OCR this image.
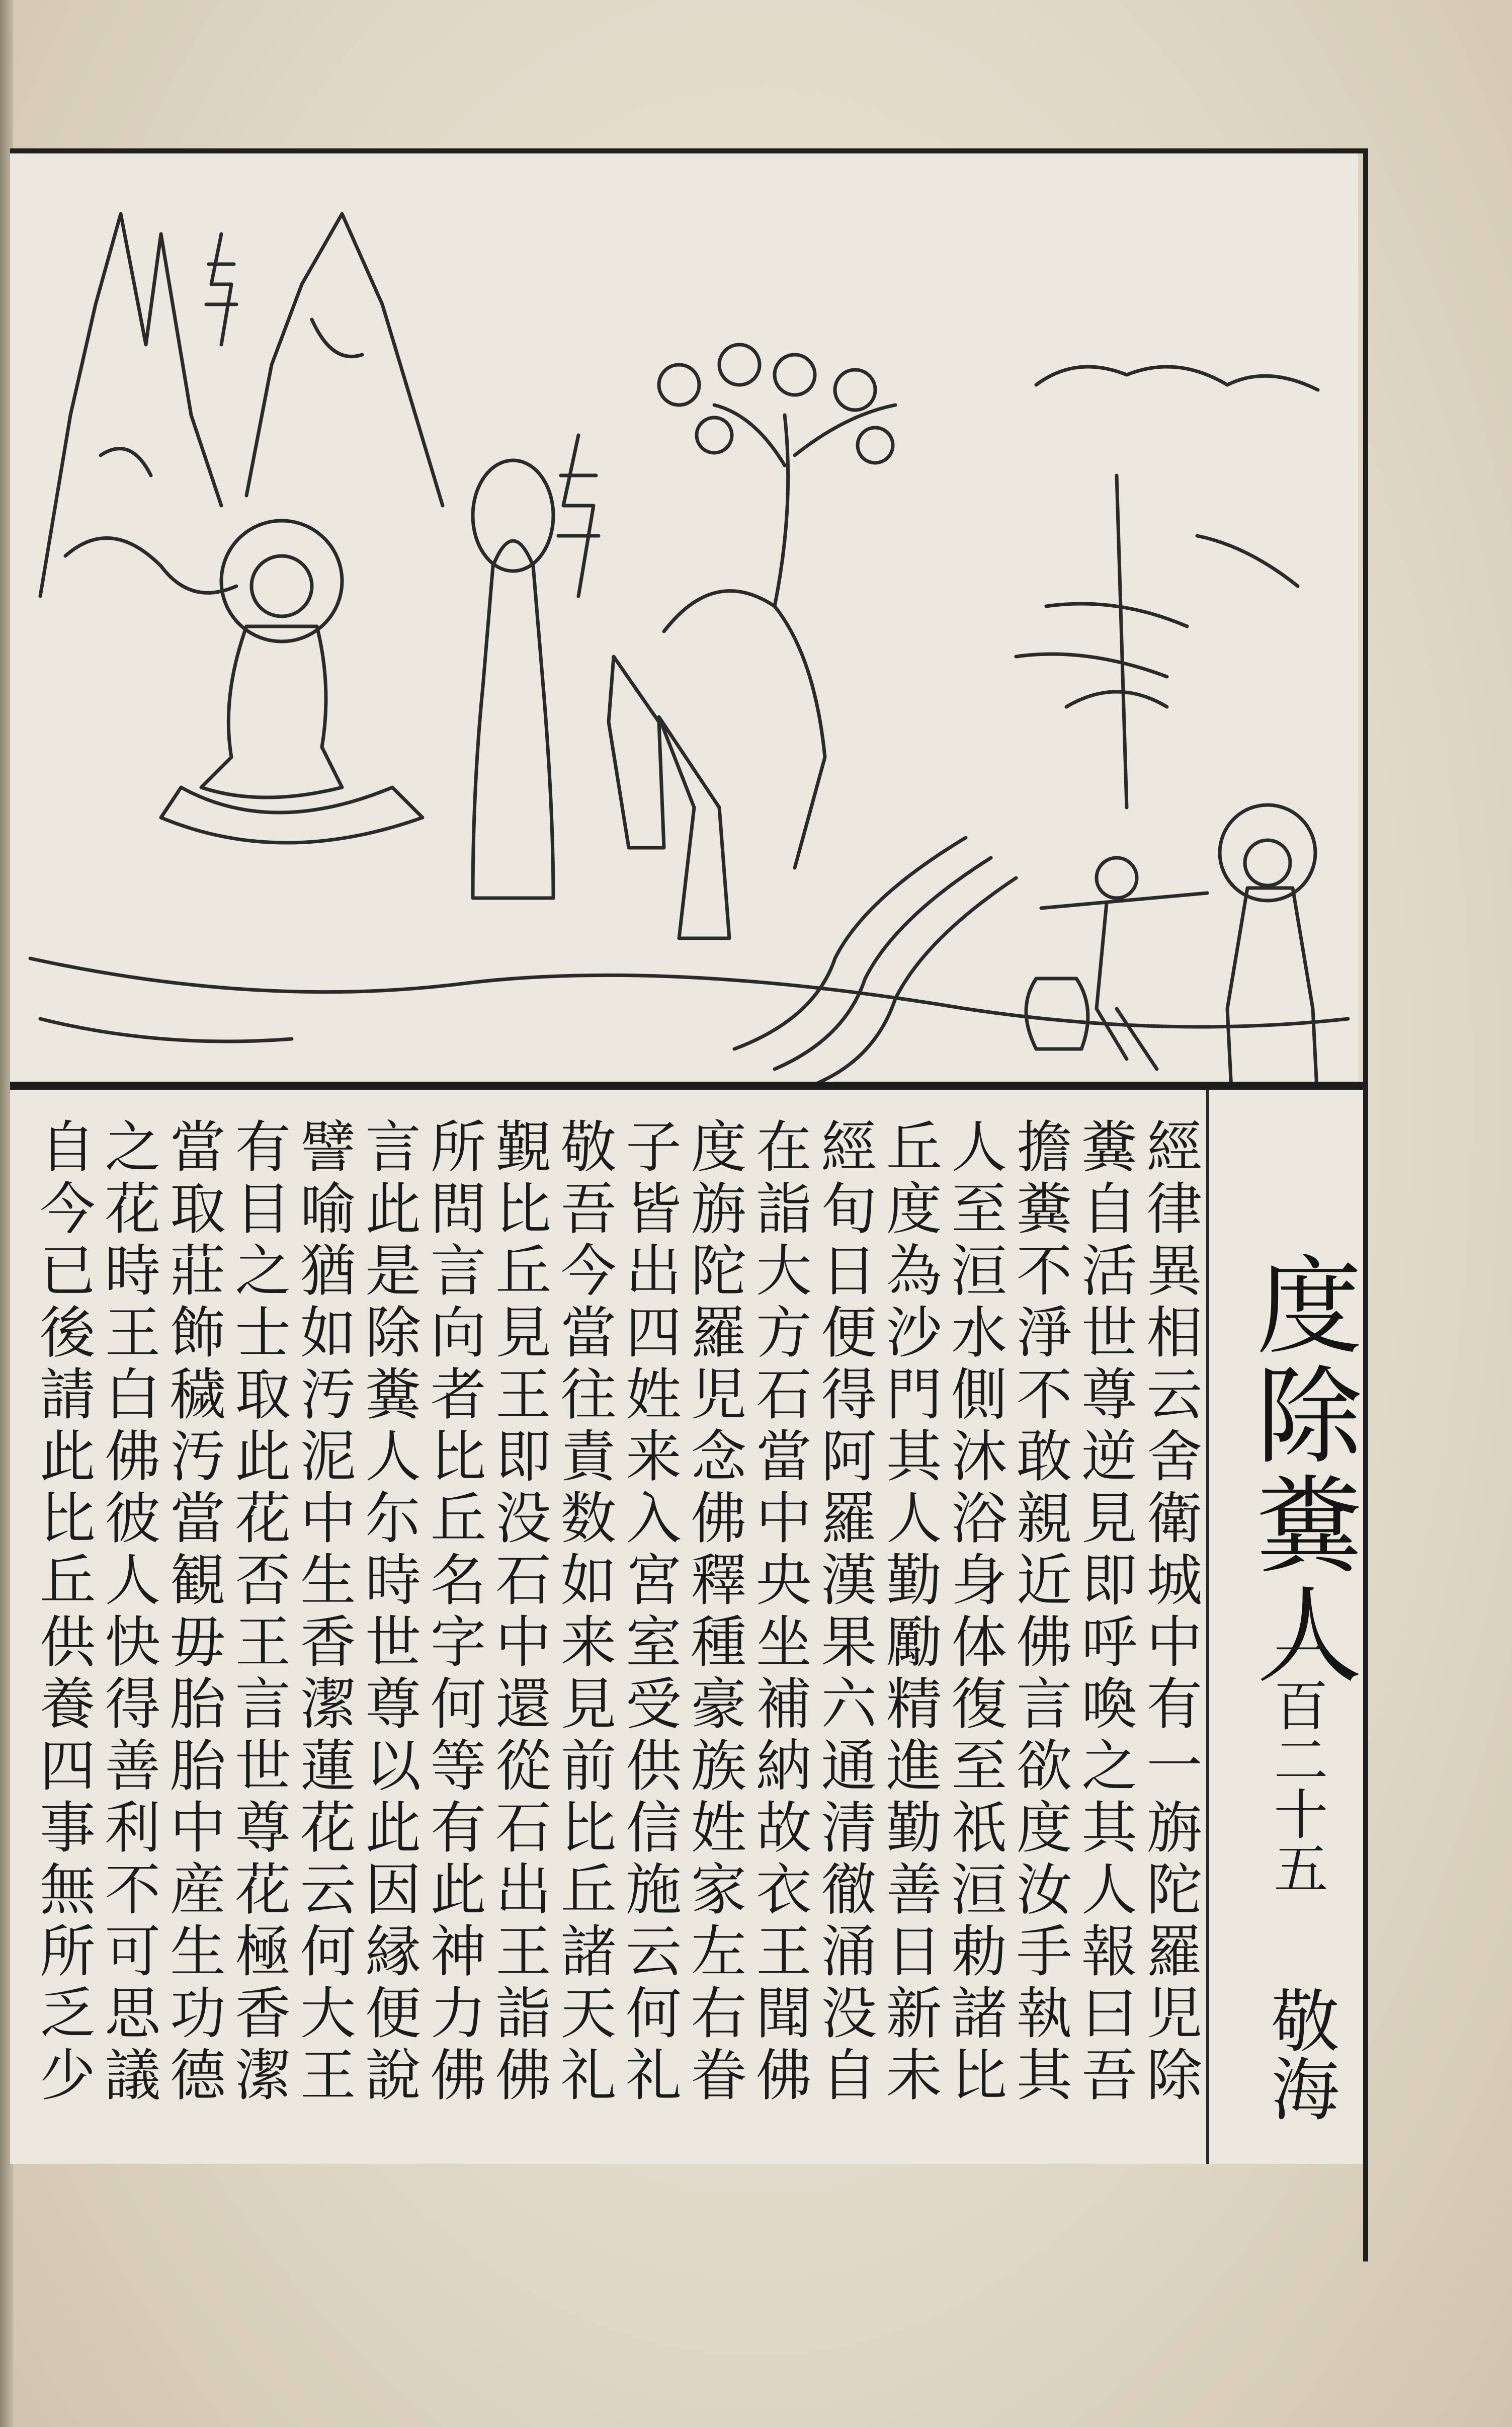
度除糞人
一百二十五
敬海
經律異相云舍衛城中有一旃陀羅児除
糞自活世尊逆見即呼喚之其人報曰吾
擔糞不淨不敢親近佛言欲度汝手執其
人至洹水側沐浴身体復至祇洹勅諸比
丘度為沙門其人勤勵精進勤善日新未
經旬日便得阿羅漢果六通清徹涌没自
在詣大方石當中央坐補納故衣王聞佛
度旃陀羅児念佛釋種豪族姓家左右眷
子皆出四姓来入宮室受供信施云何礼
敬吾今當往責数如来見前比丘諸天礼
覲比丘見王即没石中還從石出王詣佛
所問言向者比丘名字何等有此神力佛
言此是除糞人尓時世尊以此因縁便說
譬喻猶如汚泥中生香潔蓮花云何大王
有目之士取此花否王言世尊花極香潔
當取莊飾穢汚當観毋胎胎中産生功德
之花時王白佛彼人快得善利不可思議
自今已後請此比丘供養四事無所乏少
